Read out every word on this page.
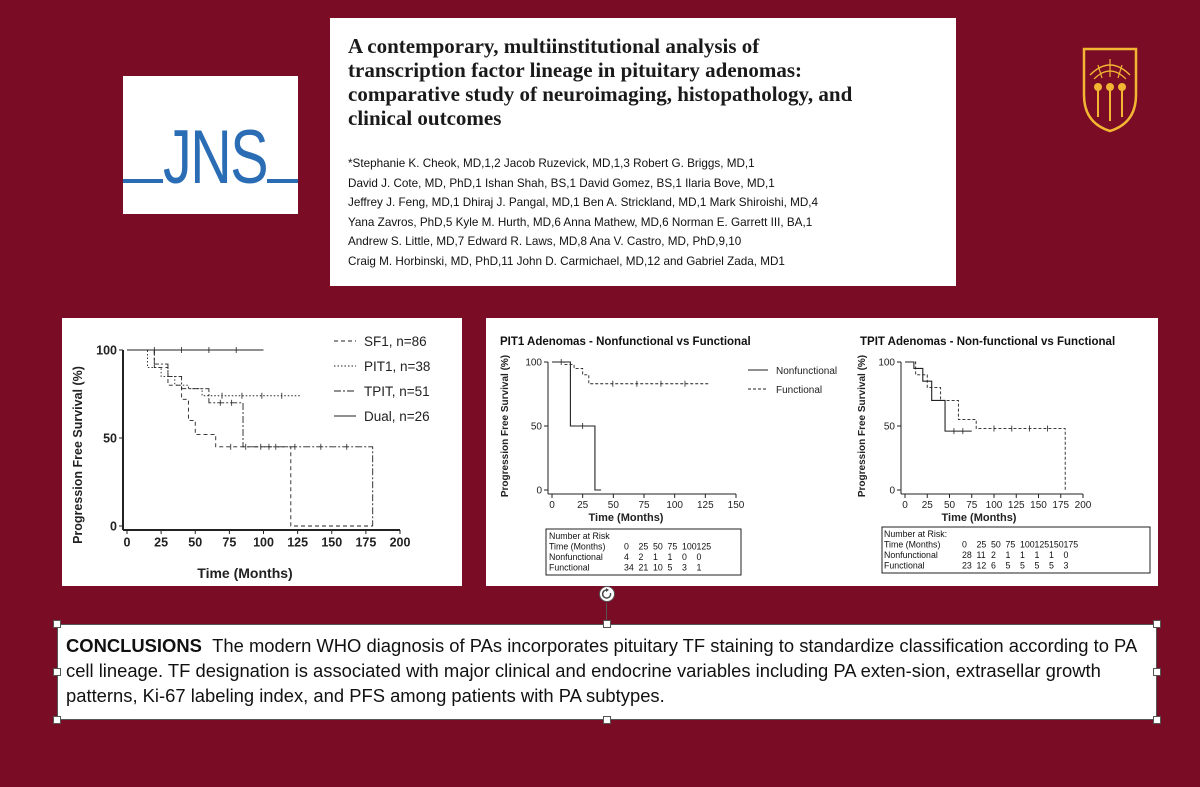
JNS
A contemporary, multiinstitutional analysis of
transcription factor lineage in pituitary adenomas:
comparative study of neuroimaging, histopathology, and
clinical outcomes
*Stephanie K. Cheok, MD,1,2 Jacob Ruzevick, MD,1,3 Robert G. Briggs, MD,1
David J. Cote, MD, PhD,1 Ishan Shah, BS,1 David Gomez, BS,1 Ilaria Bove, MD,1
Jeffrey J. Feng, MD,1 Dhiraj J. Pangal, MD,1 Ben A. Strickland, MD,1 Mark Shiroishi, MD,4
Yana Zavros, PhD,5 Kyle M. Hurth, MD,6 Anna Mathew, MD,6 Norman E. Garrett III, BA,1
Andrew S. Little, MD,7 Edward R. Laws, MD,8 Ana V. Castro, MD, PhD,9,10
Craig M. Horbinski, MD, PhD,11 John D. Carmichael, MD,12 and Gabriel Zada, MD1
0 25 50 75 100 125 150 175 200
0
50
100
SF1, n=86
PIT1, n=38
TPIT, n=51
Dual, n=26
Time (Months)
Progression Free Survival (%)
PIT1 Adenomas - Nonfunctional vs Functional	TPIT Adenomas - Non-functional vs Functional
0 25 50 75 100 125 150
0
50
100
0 25 50 75 100 125 150 175 200
0
50
100
Time (Months)	Time (Months)
Progression Free Survival (%)	Progression Free Survival (%)
Nonfunctional
Functional
Number at Risk
Time (Months) 0 25 50 75 100 125
Nonfunctional 4 2 1 1 0 0
Functional	34 21 10 5 3 1
Number at Risk:
Time (Months) 0 25 50 75 100 125 150 175
Nonfunctional	28 11 2 1 1 1 1 0
Functional	23 12 6 5 5 5 5 3
CONCLUSIONS The modern WHO diagnosis of PAs incorporates pituitary TF staining to standardize classification according to PA cell lineage. TF designation is associated with major clinical and endocrine variables including PA exten-sion, extrasellar growth patterns, Ki-67 labeling index, and PFS among patients with PA subtypes.
